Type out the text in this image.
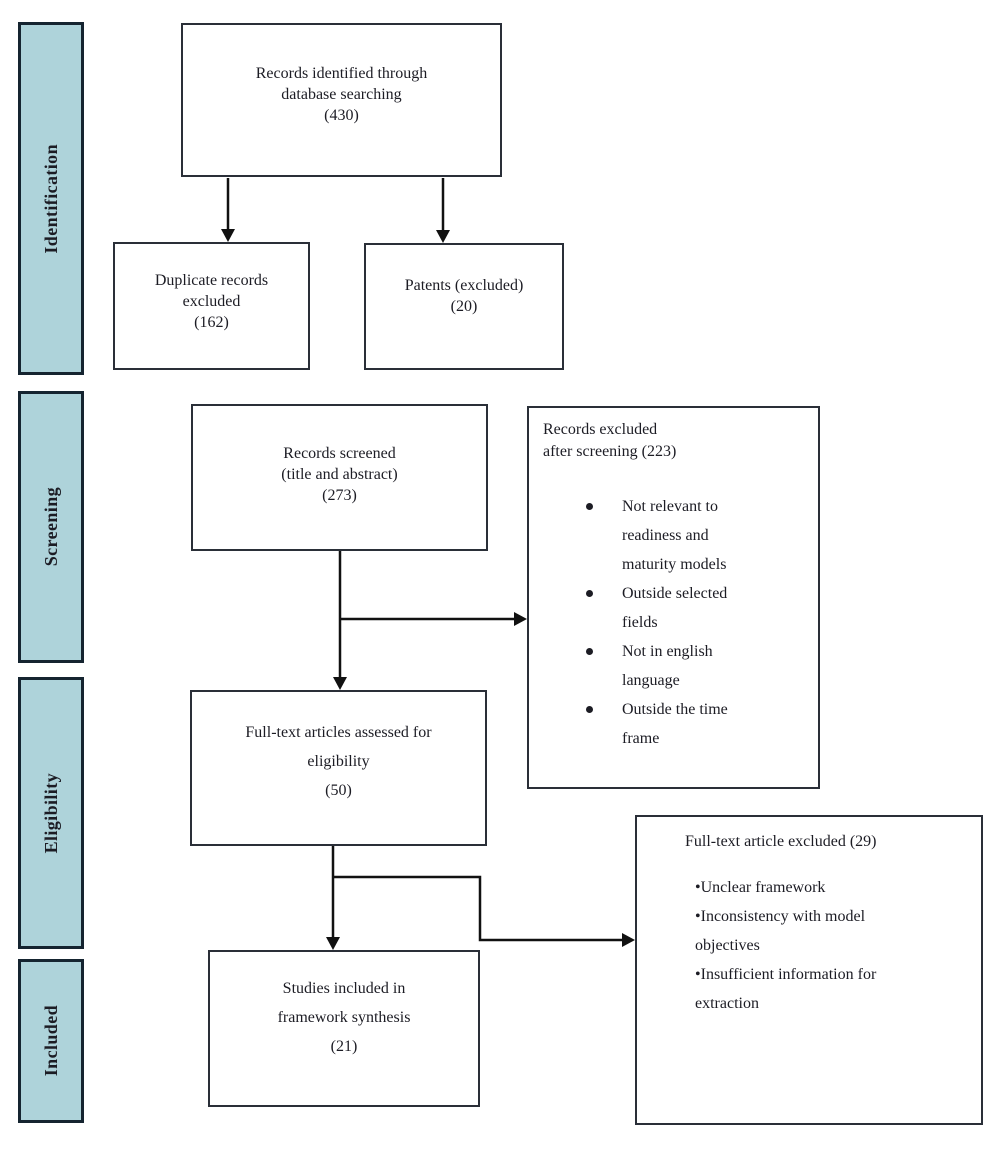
Identification
Screening
Eligibility
Included
Records identified through
database searching
(430)
Duplicate records
excluded
(162)
Patents (excluded)
(20)
Records screened
(title and abstract)
(273)
Records excluded
after screening (223)
Not relevant to readiness and maturity models
Outside selected fields
Not in english language
Outside the time frame
Full-text articles assessed for
eligibility
(50)
Full-text article excluded (29)
• Unclear framework
• Inconsistency with model objectives
• Insufficient information for extraction
Studies included in
framework synthesis
(21)
